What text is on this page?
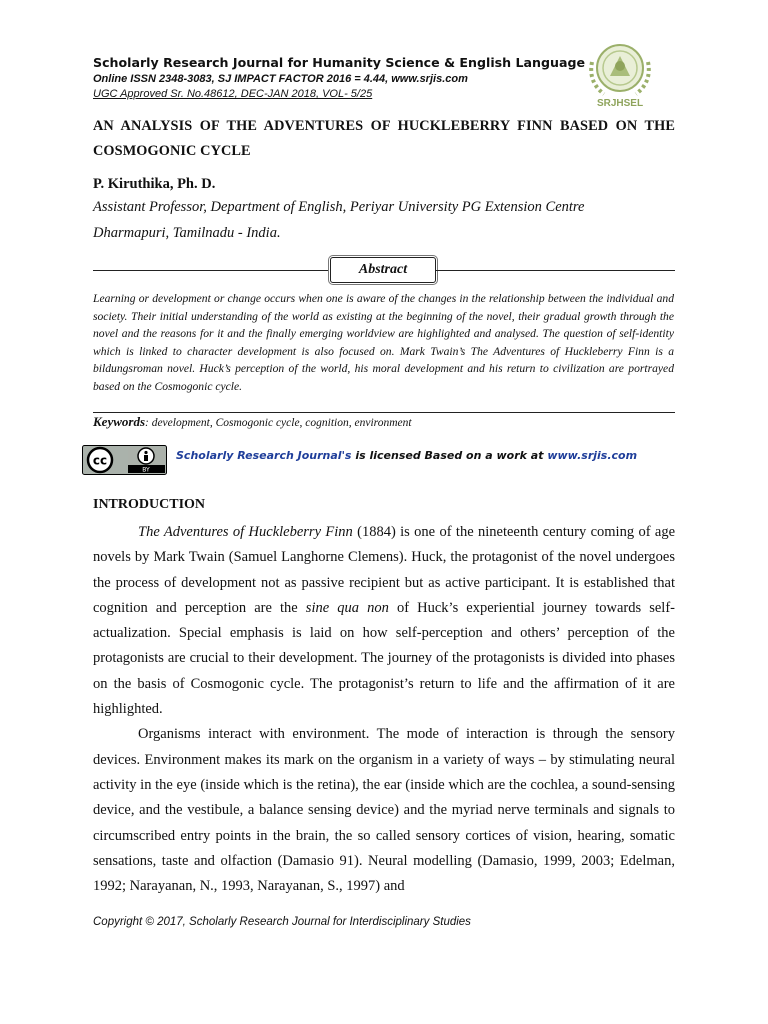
Scholarly Research Journal for Humanity Science & English Language
Online ISSN 2348-3083, SJ IMPACT FACTOR 2016 = 4.44, www.srjis.com
UGC Approved Sr. No.48612, DEC-JAN 2018, VOL- 5/25
SRJHSEL
AN ANALYSIS OF THE ADVENTURES OF HUCKLEBERRY FINN BASED ON THE COSMOGONIC CYCLE
P. Kiruthika, Ph. D.
Assistant Professor, Department of English, Periyar University PG Extension Centre
Dharmapuri, Tamilnadu - India.
Abstract
Learning or development or change occurs when one is aware of the changes in the relationship between the individual and society. Their initial understanding of the world as existing at the beginning of the novel, their gradual growth through the novel and the reasons for it and the finally emerging worldview are highlighted and analysed. The question of self-identity which is linked to character development is also focused on. Mark Twain’s The Adventures of Huckleberry Finn is a bildungsroman novel. Huck’s perception of the world, his moral development and his return to civilization are portrayed based on the Cosmogonic cycle.
Keywords: development, Cosmogonic cycle, cognition, environment
cc
BY
Scholarly Research Journal's is licensed Based on a work at www.srjis.com
INTRODUCTION

The Adventures of Huckleberry Finn (1884) is one of the nineteenth century coming of age novels by Mark Twain (Samuel Langhorne Clemens). Huck, the protagonist of the novel undergoes the process of development not as passive recipient but as active participant. It is established that cognition and perception are the sine qua non of Huck’s experiential journey towards self-actualization. Special emphasis is laid on how self-perception and others’ perception of the protagonists are crucial to their development. The journey of the protagonists is divided into phases on the basis of Cosmogonic cycle. The protagonist’s return to life and the affirmation of it are highlighted.

Organisms interact with environment. The mode of interaction is through the sensory devices. Environment makes its mark on the organism in a variety of ways – by stimulating neural activity in the eye (inside which is the retina), the ear (inside which are the cochlea, a sound-sensing device, and the vestibule, a balance sensing device) and the myriad nerve terminals and signals to circumscribed entry points in the brain, the so called sensory cortices of vision, hearing, somatic sensations, taste and olfaction (Damasio 91). Neural modelling (Damasio, 1999, 2003; Edelman, 1992; Narayanan, N., 1993, Narayanan, S., 1997) and

Copyright © 2017, Scholarly Research Journal for Interdisciplinary Studies
